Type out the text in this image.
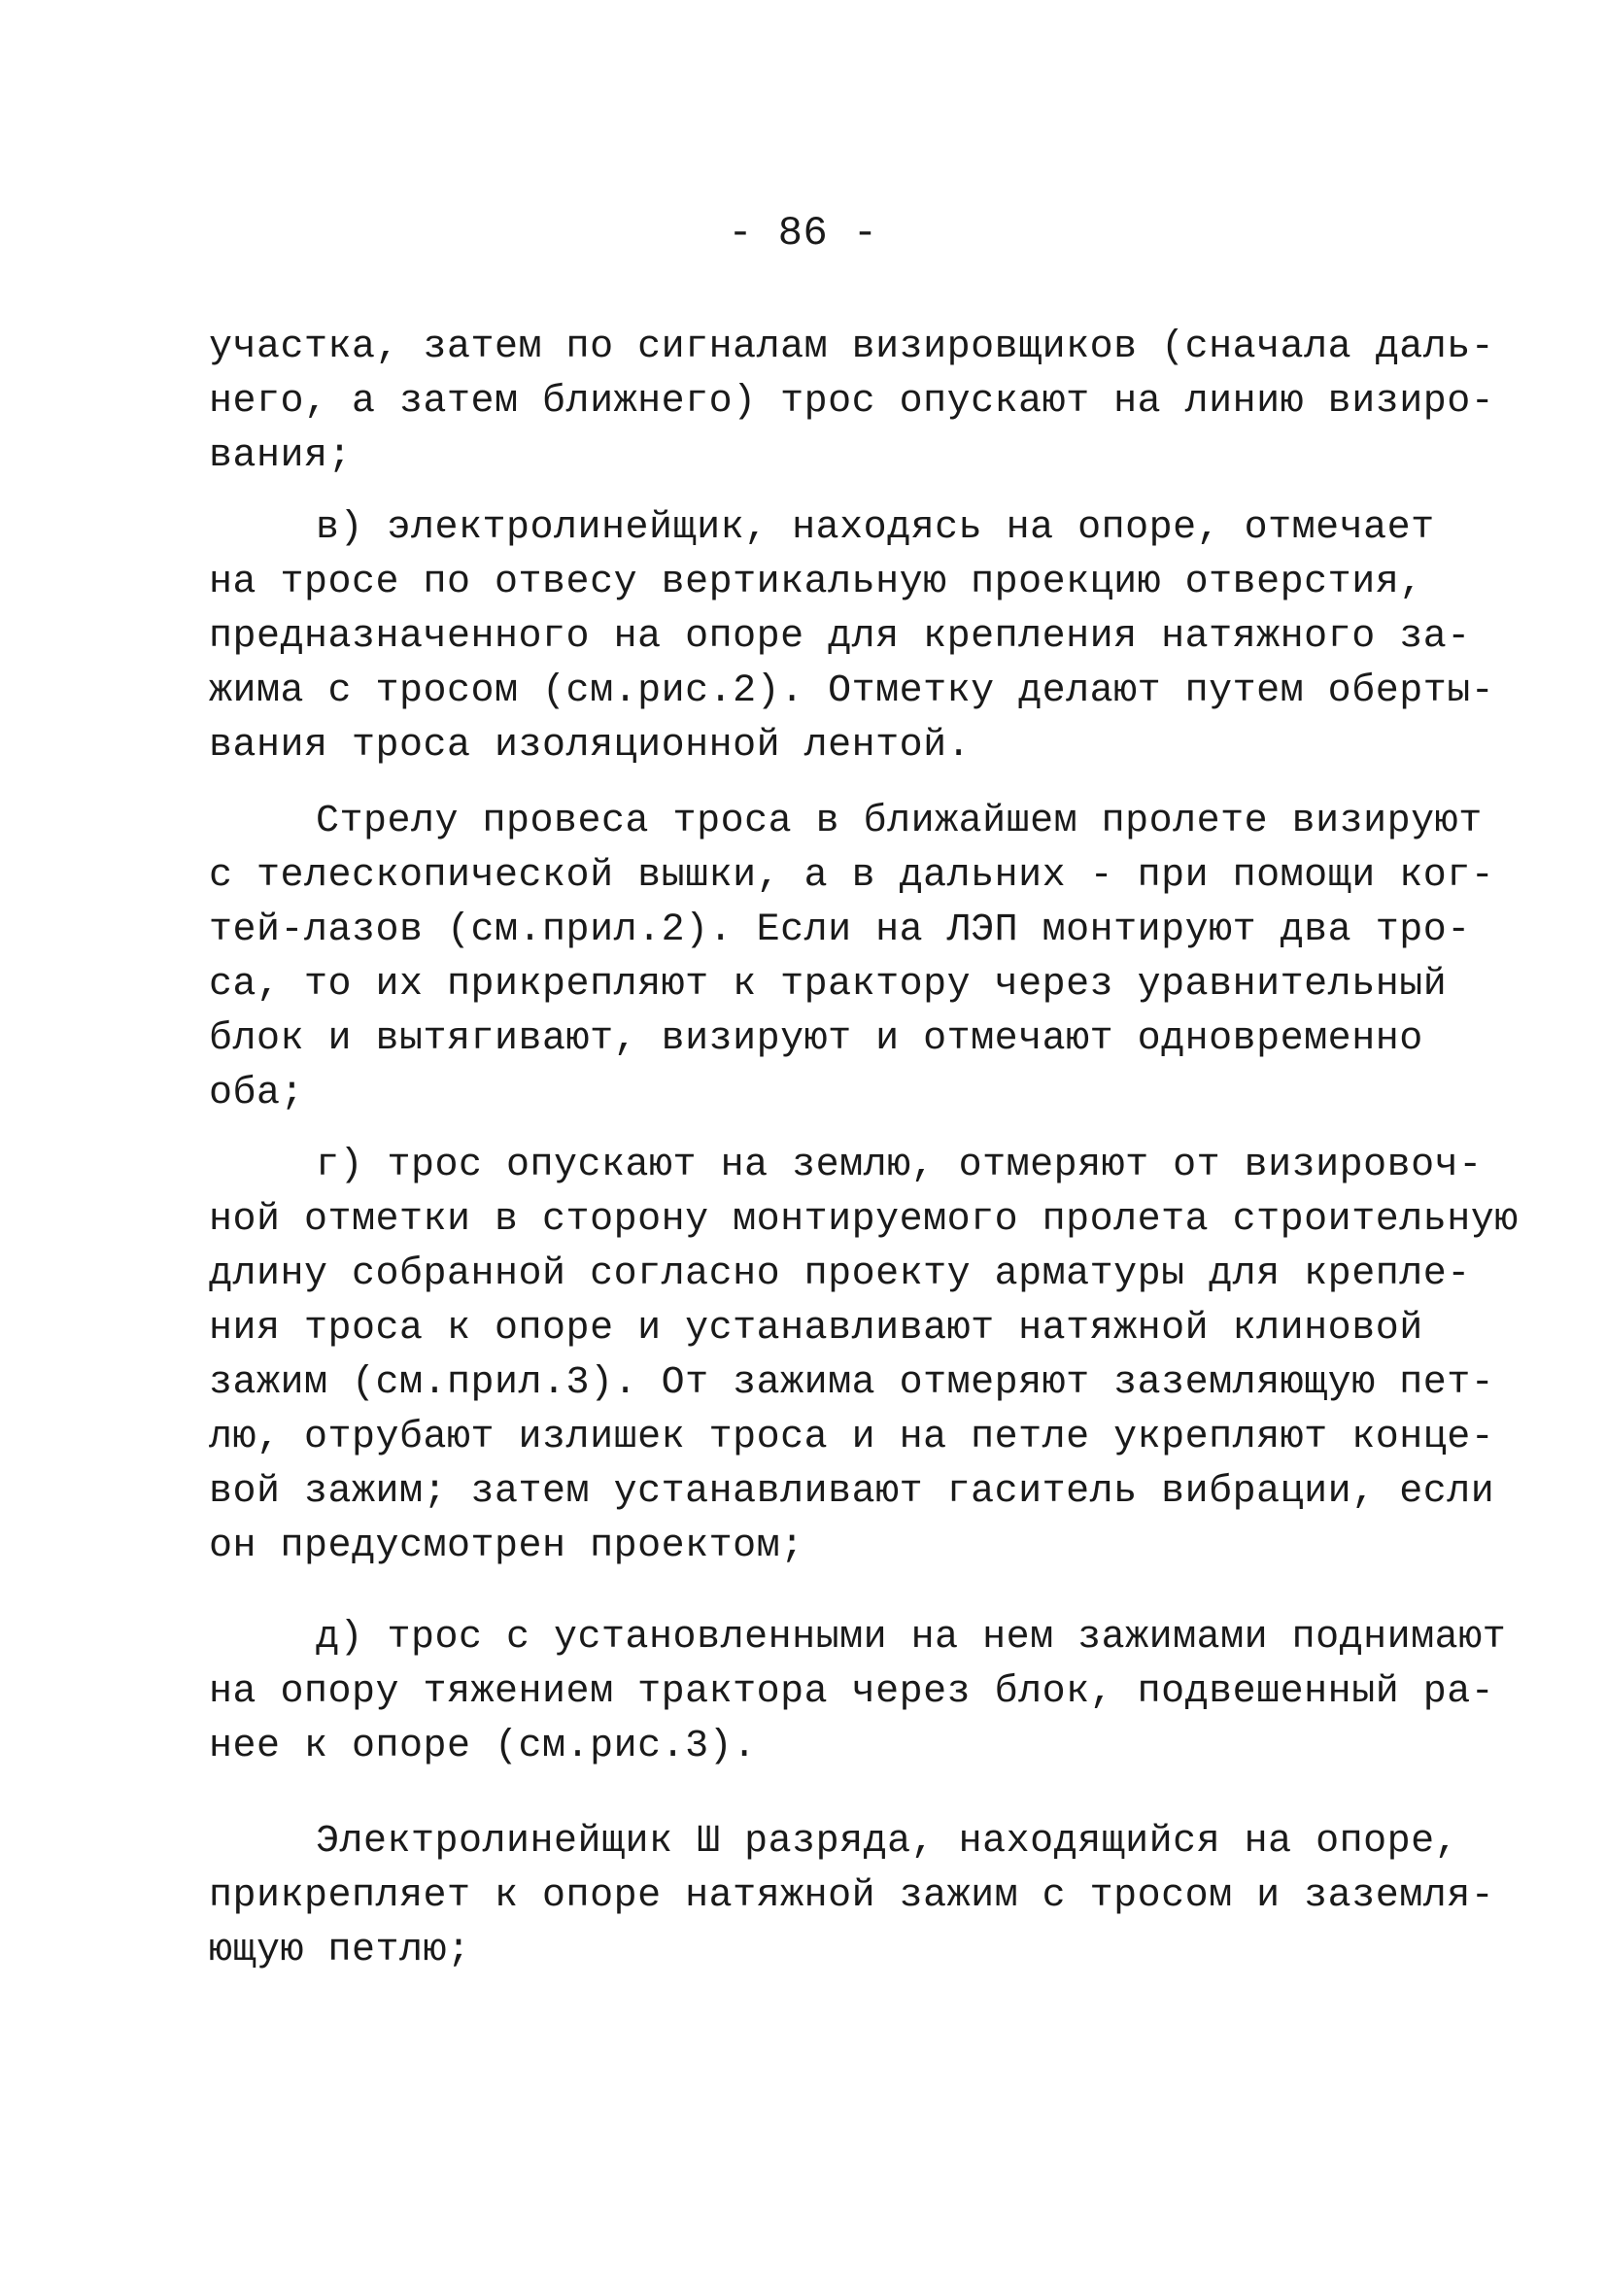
- 86 -
участка, затем по сигналам визировщиков (сначала даль-
него, а затем ближнего) трос опускают на линию визиро-
вания;
в) электролинейщик, находясь на опоре, отмечает
на тросе по отвесу вертикальную проекцию отверстия,
предназначенного на опоре для крепления натяжного за-
жима с тросом (см.рис.2). Отметку делают путем оберты-
вания троса изоляционной лентой.
Стрелу провеса троса в ближайшем пролете визируют
с телескопической вышки, а в дальних - при помощи ког-
тей-лазов (см.прил.2). Если на ЛЭП монтируют два тро-
са, то их прикрепляют к трактору через уравнительный
блок и вытягивают, визируют и отмечают одновременно
оба;
г) трос опускают на землю, отмеряют от визировоч-
ной отметки в сторону монтируемого пролета строительную
длину собранной согласно проекту арматуры для крепле-
ния троса к опоре и устанавливают натяжной клиновой
зажим (см.прил.3). От зажима отмеряют заземляющую пет-
лю, отрубают излишек троса и на петле укрепляют конце-
вой зажим; затем устанавливают гаситель вибрации, если
он предусмотрен проектом;
д) трос с установленными на нем зажимами поднимают
на опору тяжением трактора через блок, подвешенный ра-
нее к опоре (см.рис.3).
Электролинейщик Ш разряда, находящийся на опоре,
прикрепляет к опоре натяжной зажим с тросом и заземля-
ющую петлю;
